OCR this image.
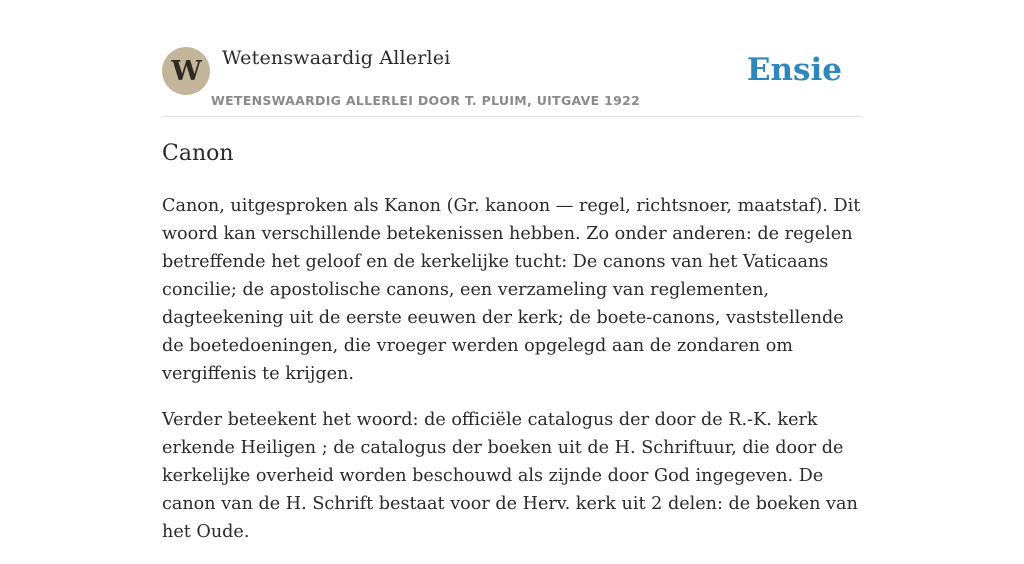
W	Wetenswaardig Allerlei
WETENSWAARDIG ALLERLEI DOOR T. PLUIM, UITGAVE 1922
Ensie
Canon

Canon, uitgesproken als Kanon (Gr. kanoon — regel, richtsnoer, maatstaf). Dit woord kan verschillende betekenissen hebben. Zo onder anderen: de regelen betreffende het geloof en de kerkelijke tucht: De canons van het Vaticaans concilie; de apostolische canons, een verzameling van reglementen, dagteekening uit de eerste eeuwen der kerk; de boete-canons, vaststellende de boetedoeningen, die vroeger werden opgelegd aan de zondaren om vergiffenis te krijgen.

Verder beteekent het woord: de officiële catalogus der door de R.-K. kerk erkende Heiligen ; de catalogus der boeken uit de H. Schriftuur, die door de kerkelijke overheid worden beschouwd als zijnde door God ingegeven. De canon van de H. Schrift bestaat voor de Herv. kerk uit 2 delen: de boeken van het Oude.
